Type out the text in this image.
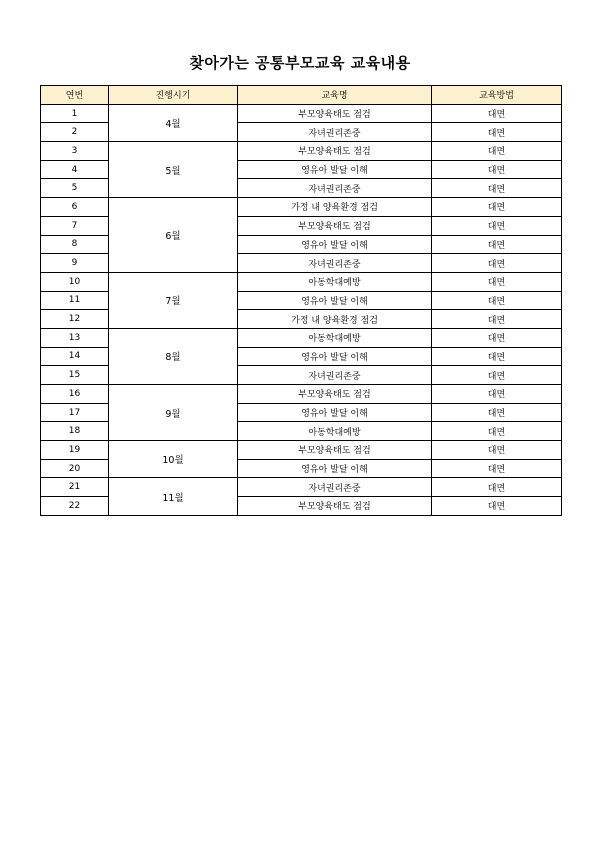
찾아가는 공통부모교육 교육내용
연번	진행시기	교육명	교육방법
1	4월	부모양육태도 점검	대면
2		자녀권리존중	대면
3	5월	부모양육태도 점검	대면
4		영유아 발달 이해	대면
5		자녀권리존중	대면
6	6월	가정 내 양육환경 점검	대면
7		부모양육태도 점검	대면
8		영유아 발달 이해	대면
9		자녀권리존중	대면
10	7월	아동학대예방	대면
11		영유아 발달 이해	대면
12		가정 내 양육환경 점검	대면
13	8월	아동학대예방	대면
14		영유아 발달 이해	대면
15		자녀권리존중	대면
16	9월	부모양육태도 점검	대면
17		영유아 발달 이해	대면
18		아동학대예방	대면
19	10월	부모양육태도 점검	대면
20		영유아 발달 이해	대면
21	11월	자녀권리존중	대면
22		부모양육태도 점검	대면
